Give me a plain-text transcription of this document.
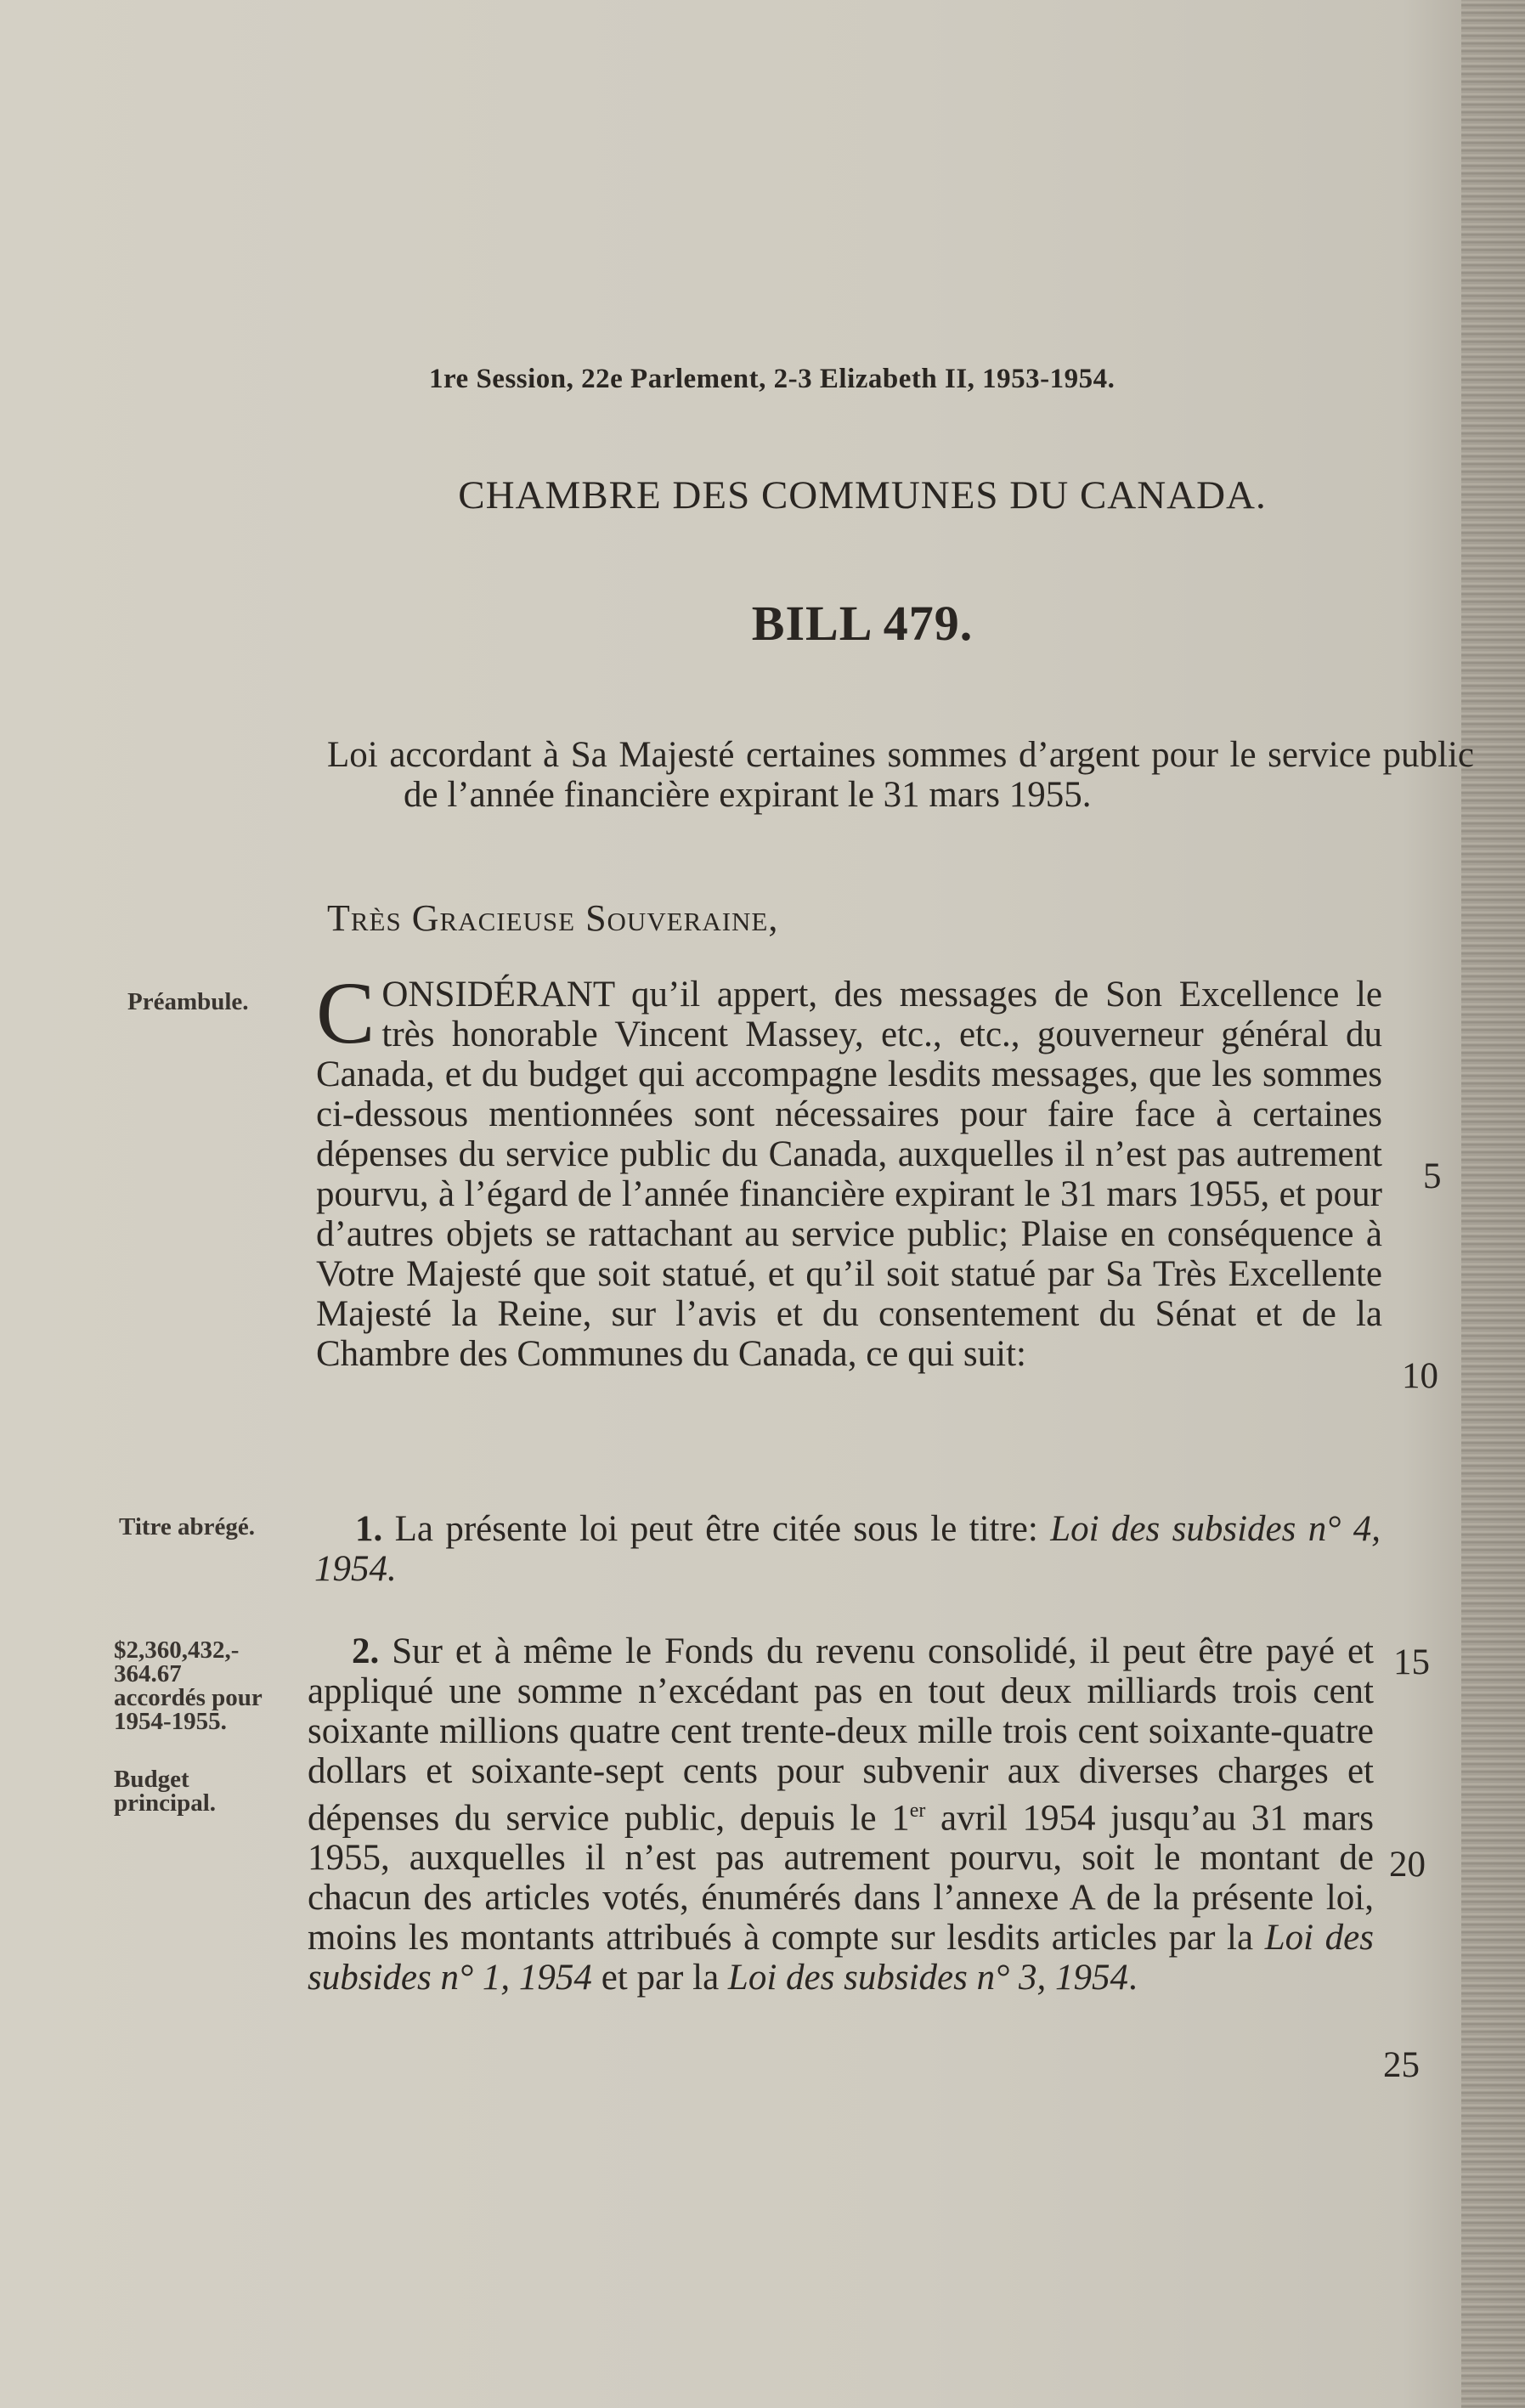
1re Session, 22e Parlement, 2-3 Elizabeth II, 1953-1954.
CHAMBRE DES COMMUNES DU CANADA.
BILL 479.
Loi accordant à Sa Majesté certaines sommes d’argent pour le service public de l’année financière expirant le 31 mars 1955.
Très Gracieuse Souveraine,
Préambule. CONSIDÉRANT qu’il appert, des messages de Son Excellence le très honorable Vincent Massey, etc., etc., gouverneur général du Canada, et du budget qui accompagne lesdits messages, que les sommes ci-dessous mentionnées sont nécessaires pour faire face à certaines dépenses du service public du Canada, auxquelles il n’est pas autrement pourvu, à l’égard de l’année financière expirant le 31 mars 1955, et pour d’autres objets se rattachant au service public; Plaise en conséquence à Votre Majesté que soit statué, et qu’il soit statué par Sa Très Excellente Majesté la Reine, sur l’avis et du consentement du Sénat et de la Chambre des Communes du Canada, ce qui suit:
Titre abrégé.	1. La présente loi peut être citée sous le titre: Loi des subsides n° 4, 1954.
$2,360,432,-
364.67
accordés pour
1954-1955.
Budget
principal.
2. Sur et à même le Fonds du revenu consolidé, il peut être payé et appliqué une somme n’excédant pas en tout deux milliards trois cent soixante millions quatre cent trente-deux mille trois cent soixante-quatre dollars et soixante-sept cents pour subvenir aux diverses charges et dépenses du service public, depuis le 1er avril 1954 jusqu’au 31 mars 1955, auxquelles il n’est pas autrement pourvu, soit le montant de chacun des articles votés, énumérés dans l’annexe A de la présente loi, moins les montants attribués à compte sur lesdits articles par la Loi des subsides n° 1, 1954 et par la Loi des subsides n° 3, 1954.
5
10
15
20
25
